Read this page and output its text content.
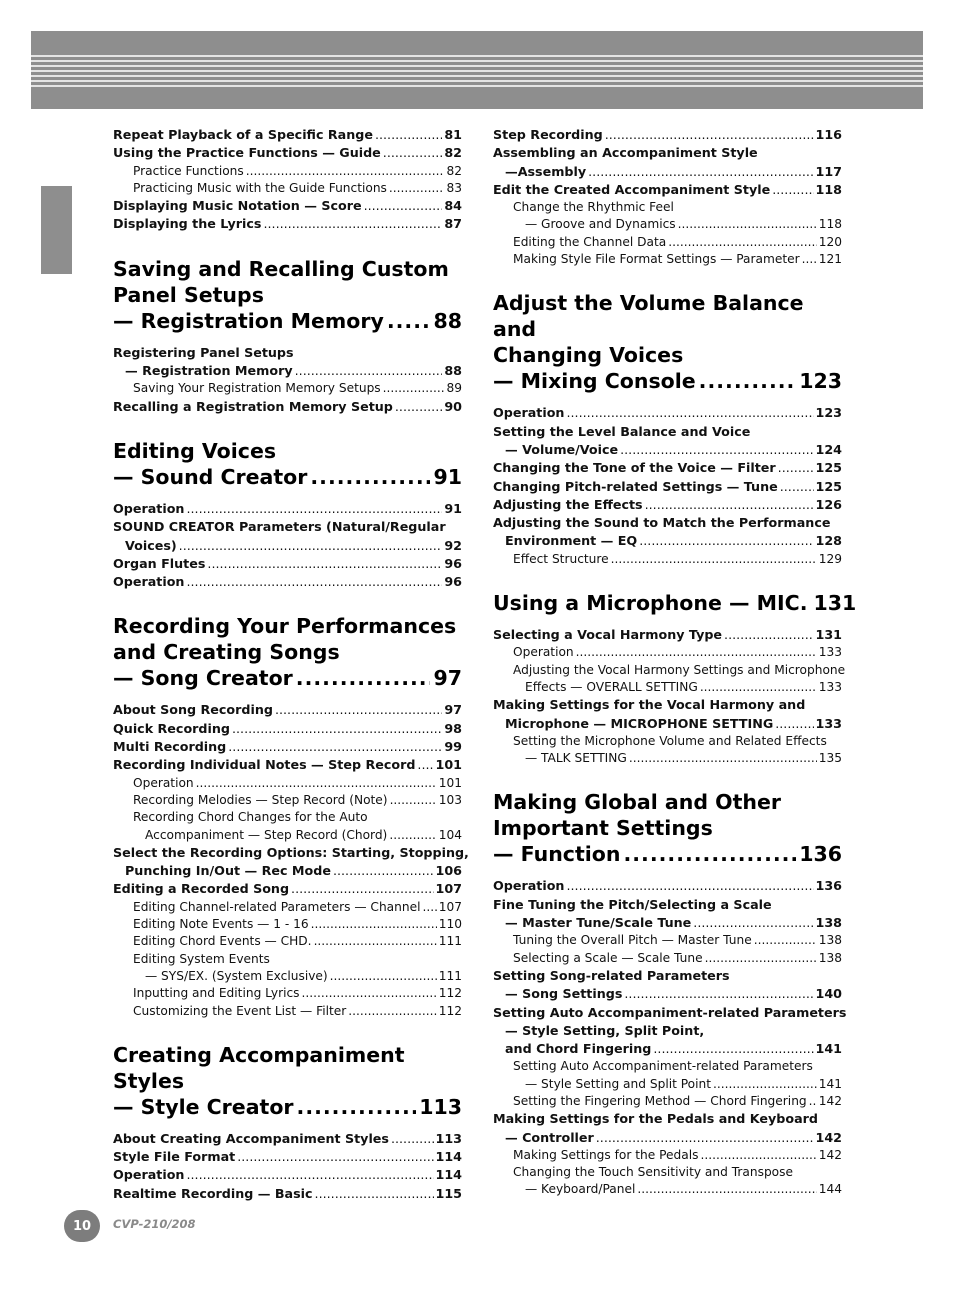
Repeat Playback of a Specific Range .....	81
Using the Practice Functions — Guide .....	82
Practice Functions .....	82
Practicing Music with the Guide Functions .....	83
Displaying Music Notation — Score .....	84
Displaying the Lyrics .....	87
Saving and Recalling Custom
Panel Setups
— Registration Memory ..... 88
Registering Panel Setups
— Registration Memory .....	88
Saving Your Registration Memory Setups .....	89
Recalling a Registration Memory Setup .....	90
Editing Voices
— Sound Creator .....	91
Operation .....	91
SOUND CREATOR Parameters (Natural/Regular
Voices) .....	92
Organ Flutes .....	96
Operation .....	96
Recording Your Performances
and Creating Songs
— Song Creator .....	97
About Song Recording .....	97
Quick Recording .....	98
Multi Recording .....	99
Recording Individual Notes — Step Record ..... 101
Operation .....	101
Recording Melodies — Step Record (Note) .....	103
Recording Chord Changes for the Auto
Accompaniment — Step Record (Chord) .....	104
Select the Recording Options: Starting, Stopping,
Punching In/Out — Rec Mode .....	106
Editing a Recorded Song .....	107
Editing Channel-related Parameters — Channel ..... 107
Editing Note Events — 1 - 16 .....	110
Editing Chord Events — CHD. .....	111
Editing System Events
— SYS/EX. (System Exclusive) .....	111
Inputting and Editing Lyrics .....	112
Customizing the Event List — Filter .....	112
Creating Accompaniment Styles
— Style Creator .....	113
About Creating Accompaniment Styles .....	113
Style File Format .....	114
Operation .....	114
Realtime Recording — Basic .....	115
Step Recording .....	116
Assembling an Accompaniment Style
—Assembly .....	117
Edit the Created Accompaniment Style .....	118
Change the Rhythmic Feel
— Groove and Dynamics .....	118
Editing the Channel Data .....	120
Making Style File Format Settings — Parameter ..... 121
Adjust the Volume Balance and
Changing Voices
— Mixing Console .....	123
Operation .....	123
Setting the Level Balance and Voice
— Volume/Voice .....	124
Changing the Tone of the Voice — Filter .....	125
Changing Pitch-related Settings — Tune .....	125
Adjusting the Effects .....	126
Adjusting the Sound to Match the Performance
Environment — EQ .....	128
Effect Structure .....	129
Using a Microphone — MIC. 131
Selecting a Vocal Harmony Type .....	131
Operation .....	133
Adjusting the Vocal Harmony Settings and Microphone
Effects — OVERALL SETTING .....	133
Making Settings for the Vocal Harmony and
Microphone — MICROPHONE SETTING .....	133
Setting the Microphone Volume and Related Effects
— TALK SETTING .....	135
Making Global and Other
Important Settings
— Function .....	136
Operation .....	136
Fine Tuning the Pitch/Selecting a Scale
— Master Tune/Scale Tune .....	138
Tuning the Overall Pitch — Master Tune .....	138
Selecting a Scale — Scale Tune .....	138
Setting Song-related Parameters
— Song Settings .....	140
Setting Auto Accompaniment-related Parameters
— Style Setting, Split Point,
and Chord Fingering .....	141
Setting Auto Accompaniment-related Parameters
— Style Setting and Split Point .....	141
Setting the Fingering Method — Chord Fingering ..... 142
Making Settings for the Pedals and Keyboard
— Controller .....	142
Making Settings for the Pedals .....	142
Changing the Touch Sensitivity and Transpose
— Keyboard/Panel .....	144
10	CVP-210/208
